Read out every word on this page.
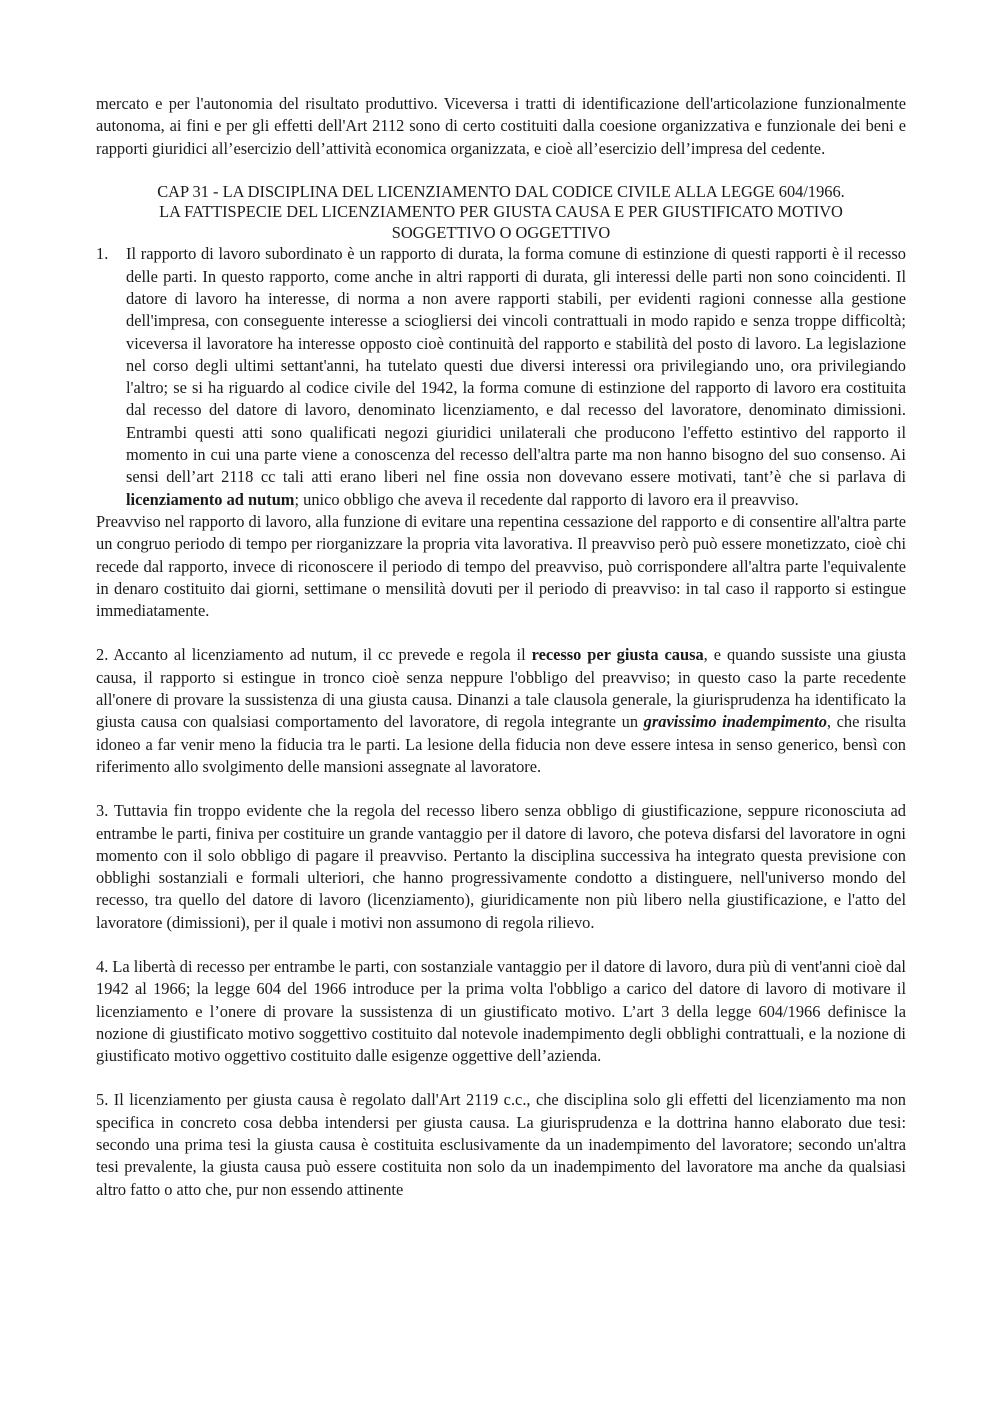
mercato e per l'autonomia del risultato produttivo. Viceversa i tratti di identificazione dell'articolazione funzionalmente autonoma, ai fini e per gli effetti dell'Art 2112 sono di certo costituiti dalla coesione organizzativa e funzionale dei beni e rapporti giuridici all’esercizio dell’attività economica organizzata, e cioè all’esercizio dell’impresa del cedente.

CAP 31 - LA DISCIPLINA DEL LICENZIAMENTO DAL CODICE CIVILE ALLA LEGGE 604/1966.
LA FATTISPECIE DEL LICENZIAMENTO PER GIUSTA CAUSA E PER GIUSTIFICATO MOTIVO
SOGGETTIVO O OGGETTIVO
1.	Il rapporto di lavoro subordinato è un rapporto di durata, la forma comune di estinzione di questi rapporti è il recesso delle parti. In questo rapporto, come anche in altri rapporti di durata, gli interessi delle parti non sono coincidenti. Il datore di lavoro ha interesse, di norma a non avere rapporti stabili, per evidenti ragioni connesse alla gestione dell'impresa, con conseguente interesse a sciogliersi dei vincoli contrattuali in modo rapido e senza troppe difficoltà; viceversa il lavoratore ha interesse opposto cioè continuità del rapporto e stabilità del posto di lavoro. La legislazione nel corso degli ultimi settant'anni, ha tutelato questi due diversi interessi ora privilegiando uno, ora privilegiando l'altro; se si ha riguardo al codice civile del 1942, la forma comune di estinzione del rapporto di lavoro era costituita dal recesso del datore di lavoro, denominato licenziamento, e dal recesso del lavoratore, denominato dimissioni. Entrambi questi atti sono qualificati negozi giuridici unilaterali che producono l'effetto estintivo del rapporto il momento in cui una parte viene a conoscenza del recesso dell'altra parte ma non hanno bisogno del suo consenso. Ai sensi dell’art 2118 cc tali atti erano liberi nel fine ossia non dovevano essere motivati, tant’è che si parlava di licenziamento ad nutum; unico obbligo che aveva il recedente dal rapporto di lavoro era il preavviso.

Preavviso nel rapporto di lavoro, alla funzione di evitare una repentina cessazione del rapporto e di consentire all'altra parte un congruo periodo di tempo per riorganizzare la propria vita lavorativa. Il preavviso però può essere monetizzato, cioè chi recede dal rapporto, invece di riconoscere il periodo di tempo del preavviso, può corrispondere all'altra parte l'equivalente in denaro costituito dai giorni, settimane o mensilità dovuti per il periodo di preavviso: in tal caso il rapporto si estingue immediatamente.

2. Accanto al licenziamento ad nutum, il cc prevede e regola il recesso per giusta causa, e quando sussiste una giusta causa, il rapporto si estingue in tronco cioè senza neppure l'obbligo del preavviso; in questo caso la parte recedente all'onere di provare la sussistenza di una giusta causa. Dinanzi a tale clausola generale, la giurisprudenza ha identificato la giusta causa con qualsiasi comportamento del lavoratore, di regola integrante un gravissimo inadempimento, che risulta idoneo a far venir meno la fiducia tra le parti. La lesione della fiducia non deve essere intesa in senso generico, bensì con riferimento allo svolgimento delle mansioni assegnate al lavoratore.

3. Tuttavia fin troppo evidente che la regola del recesso libero senza obbligo di giustificazione, seppure riconosciuta ad entrambe le parti, finiva per costituire un grande vantaggio per il datore di lavoro, che poteva disfarsi del lavoratore in ogni momento con il solo obbligo di pagare il preavviso. Pertanto la disciplina successiva ha integrato questa previsione con obblighi sostanziali e formali ulteriori, che hanno progressivamente condotto a distinguere, nell'universo mondo del recesso, tra quello del datore di lavoro (licenziamento), giuridicamente non più libero nella giustificazione, e l'atto del lavoratore (dimissioni), per il quale i motivi non assumono di regola rilievo.

4. La libertà di recesso per entrambe le parti, con sostanziale vantaggio per il datore di lavoro, dura più di vent'anni cioè dal 1942 al 1966; la legge 604 del 1966 introduce per la prima volta l'obbligo a carico del datore di lavoro di motivare il licenziamento e l’onere di provare la sussistenza di un giustificato motivo. L’art 3 della legge 604/1966 definisce la nozione di giustificato motivo soggettivo costituito dal notevole inadempimento degli obblighi contrattuali, e la nozione di giustificato motivo oggettivo costituito dalle esigenze oggettive dell’azienda.

5. Il licenziamento per giusta causa è regolato dall'Art 2119 c.c., che disciplina solo gli effetti del licenziamento ma non specifica in concreto cosa debba intendersi per giusta causa. La giurisprudenza e la dottrina hanno elaborato due tesi: secondo una prima tesi la giusta causa è costituita esclusivamente da un inadempimento del lavoratore; secondo un'altra tesi prevalente, la giusta causa può essere costituita non solo da un inadempimento del lavoratore ma anche da qualsiasi altro fatto o atto che, pur non essendo attinente
